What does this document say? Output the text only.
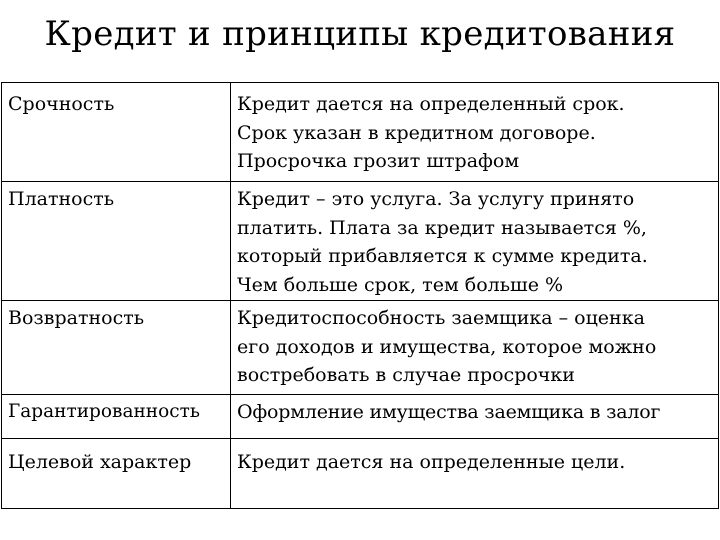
Кредит и принципы кредитования
Срочность	Кредит дается на определенный срок.
Срок указан в кредитном договоре.
Просрочка грозит штрафом
Платность	Кредит – это услуга. За услугу принято
платить. Плата за кредит называется %,
который прибавляется к сумме кредита.
Чем больше срок, тем больше %
Возвратность	Кредитоспособность заемщика – оценка
его доходов и имущества, которое можно
востребовать в случае просрочки
Гарантированность	Оформление имущества заемщика в залог
Целевой характер	Кредит дается на определенные цели.
